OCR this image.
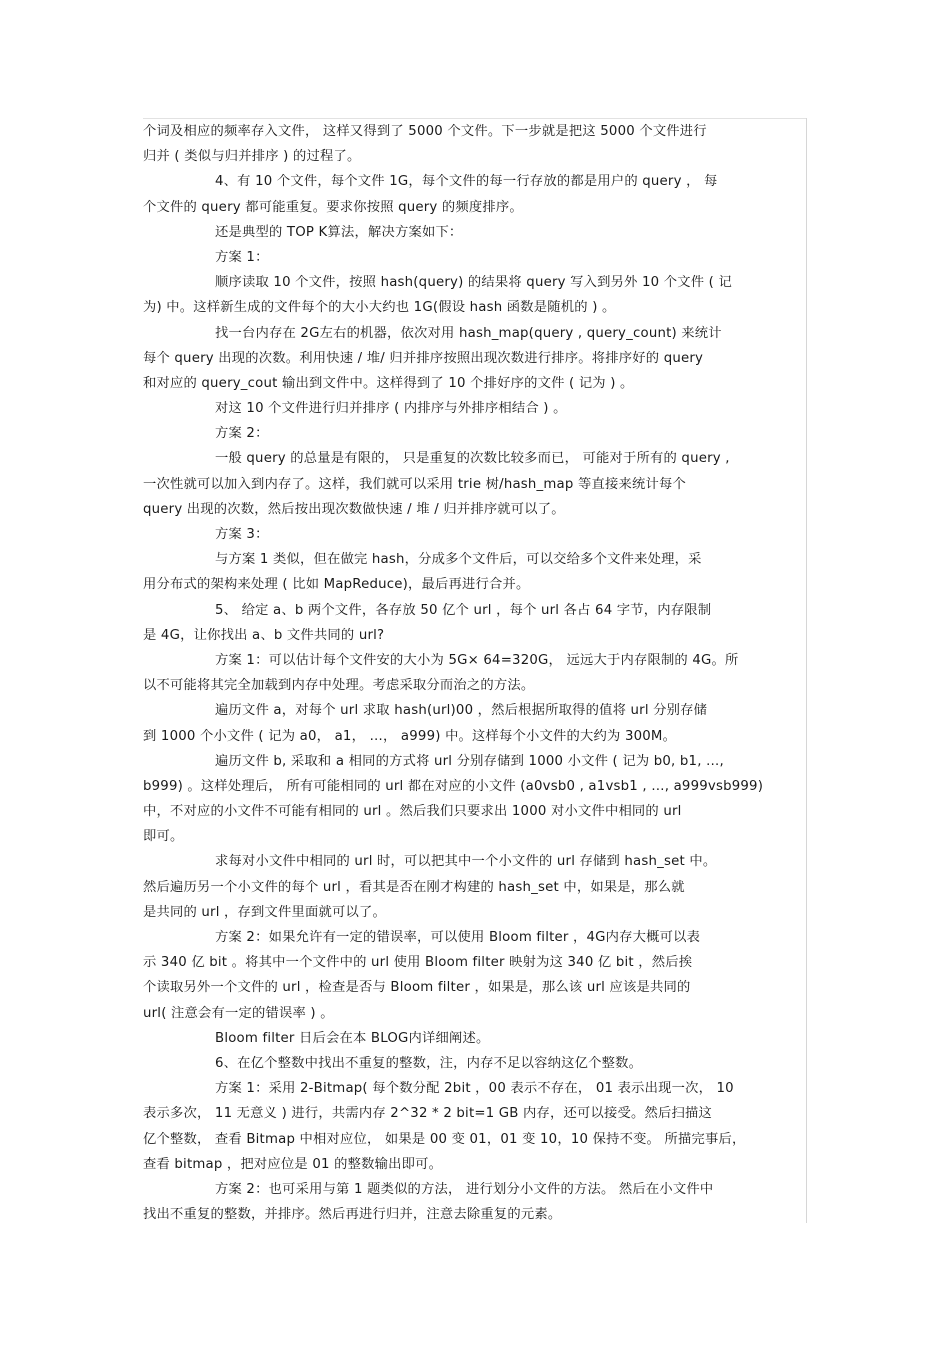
个词及相应的频率存入文件， 这样又得到了 5000 个文件。下一步就是把这 5000 个文件进行
归并 ( 类似与归并排序 ) 的过程了。
4、有 10 个文件，每个文件 1G，每个文件的每一行存放的都是用户的 query ， 每
个文件的 query 都可能重复。要求你按照 query 的频度排序。
还是典型的 TOP K算法，解决方案如下：
方案 1：
顺序读取 10 个文件，按照 hash(query) 的结果将 query 写入到另外 10 个文件 ( 记
为) 中。这样新生成的文件每个的大小大约也 1G(假设 hash 函数是随机的 ) 。
找一台内存在 2G左右的机器，依次对用 hash_map(query , query_count) 来统计
每个 query 出现的次数。利用快速 / 堆/ 归并排序按照出现次数进行排序。将排序好的 query
和对应的 query_cout 输出到文件中。这样得到了 10 个排好序的文件 ( 记为 ) 。
对这 10 个文件进行归并排序 ( 内排序与外排序相结合 ) 。
方案 2：
一般 query 的总量是有限的， 只是重复的次数比较多而已， 可能对于所有的 query ,
一次性就可以加入到内存了。这样，我们就可以采用 trie 树/hash_map 等直接来统计每个
query 出现的次数，然后按出现次数做快速 / 堆 / 归并排序就可以了。
方案 3：
与方案 1 类似，但在做完 hash，分成多个文件后，可以交给多个文件来处理，采
用分布式的架构来处理 ( 比如 MapReduce)，最后再进行合并。
5、 给定 a、b 两个文件，各存放 50 亿个 url ，每个 url 各占 64 字节，内存限制
是 4G，让你找出 a、b 文件共同的 url?
方案 1：可以估计每个文件安的大小为 5G× 64=320G， 远远大于内存限制的 4G。所
以不可能将其完全加载到内存中处理。考虑采取分而治之的方法。
遍历文件 a，对每个 url 求取 hash(url)00 ，然后根据所取得的值将 url 分别存储
到 1000 个小文件 ( 记为 a0， a1， …， a999) 中。这样每个小文件的大约为 300M。
遍历文件 b, 采取和 a 相同的方式将 url 分别存储到 1000 小文件 ( 记为 b0, b1, …,
b999) 。这样处理后， 所有可能相同的 url 都在对应的小文件 (a0vsb0 , a1vsb1 , …, a999vsb999)
中，不对应的小文件不可能有相同的 url 。然后我们只要求出 1000 对小文件中相同的 url
即可。
求每对小文件中相同的 url 时，可以把其中一个小文件的 url 存储到 hash_set 中。
然后遍历另一个小文件的每个 url ，看其是否在刚才构建的 hash_set 中，如果是，那么就
是共同的 url ，存到文件里面就可以了。
方案 2：如果允许有一定的错误率，可以使用 Bloom filter ，4G内存大概可以表
示 340 亿 bit 。将其中一个文件中的 url 使用 Bloom filter 映射为这 340 亿 bit ，然后挨
个读取另外一个文件的 url ，检查是否与 Bloom filter ，如果是，那么该 url 应该是共同的
url( 注意会有一定的错误率 ) 。
Bloom filter 日后会在本 BLOG内详细阐述。
6、在亿个整数中找出不重复的整数，注，内存不足以容纳这亿个整数。
方案 1：采用 2-Bitmap( 每个数分配 2bit ，00 表示不存在， 01 表示出现一次， 10
表示多次， 11 无意义 ) 进行，共需内存 2^32 * 2 bit=1 GB 内存，还可以接受。然后扫描这
亿个整数， 查看 Bitmap 中相对应位， 如果是 00 变 01，01 变 10，10 保持不变。 所描完事后，
查看 bitmap ，把对应位是 01 的整数输出即可。
方案 2：也可采用与第 1 题类似的方法， 进行划分小文件的方法。 然后在小文件中
找出不重复的整数，并排序。然后再进行归并，注意去除重复的元素。
